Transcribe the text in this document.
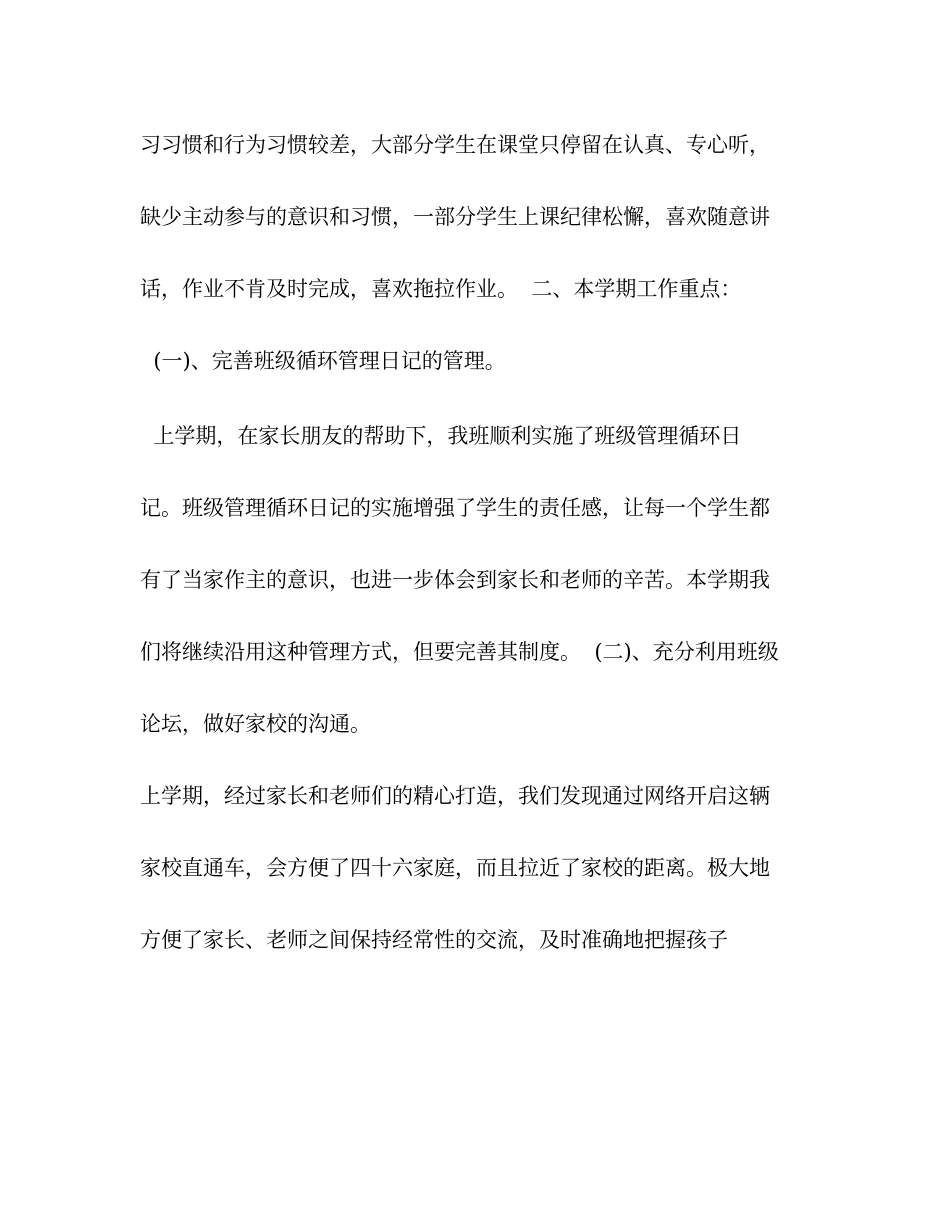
习习惯和行为习惯较差，大部分学生在课堂只停留在认真、专心听，
缺少主动参与的意识和习惯，一部分学生上课纪律松懈，喜欢随意讲
话，作业不肯及时完成，喜欢拖拉作业。  二、本学期工作重点：
(一)、完善班级循环管理日记的管理。
上学期，在家长朋友的帮助下，我班顺利实施了班级管理循环日
记。班级管理循环日记的实施增强了学生的责任感，让每一个学生都
有了当家作主的意识，也进一步体会到家长和老师的辛苦。本学期我
们将继续沿用这种管理方式，但要完善其制度。  (二)、充分利用班级
论坛，做好家校的沟通。
上学期，经过家长和老师们的精心打造，我们发现通过网络开启这辆
家校直通车，会方便了四十六家庭，而且拉近了家校的距离。极大地
方便了家长、老师之间保持经常性的交流，及时准确地把握孩子
